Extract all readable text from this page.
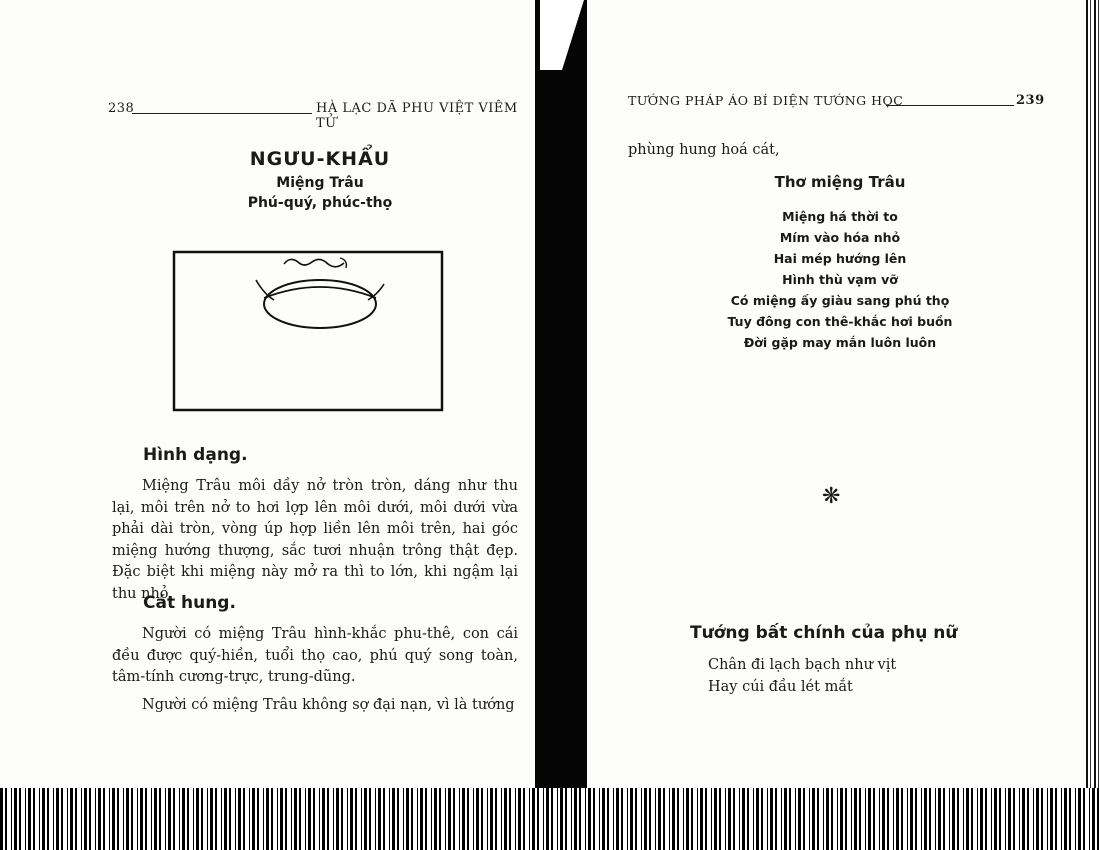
238	HÀ LẠC DÃ PHU VIỆT VIÊM TỬ
NGƯU-KHẨU
Miệng Trâu
Phú-quý, phúc-thọ
Hình dạng.

Miệng Trâu môi dầy nở tròn tròn, dáng như thu lại, môi trên nở to hơi lợp lên môi dưới, môi dưới vừa phải dài tròn, vòng úp hợp liền lên môi trên, hai góc miệng hướng thượng, sắc tươi nhuận trông thật đẹp. Đặc biệt khi miệng này mở ra thì to lớn, khi ngậm lại thu nhỏ.

Cát hung.

Người có miệng Trâu hình-khắc phu-thê, con cái đều được quý-hiền, tuổi thọ cao, phú quý song toàn, tâm-tính cương-trực, trung-dũng.

Người có miệng Trâu không sợ đại nạn, vì là tướng

TƯỚNG PHÁP ÁO BÍ DIỆN TƯỚNG HỌC	239
phùng hung hoá cát,
Thơ miệng Trâu
Miệng há thời to
Mím vào hóa nhỏ
Hai mép hướng lên
Hình thù vạm vỡ
Có miệng ấy giàu sang phú thọ
Tuy đông con thê-khắc hơi buồn
Đời gặp may mắn luôn luôn
❋
Tướng bất chính của phụ nữ
Chân đi lạch bạch như vịt
Hay cúi đầu lét mắt
